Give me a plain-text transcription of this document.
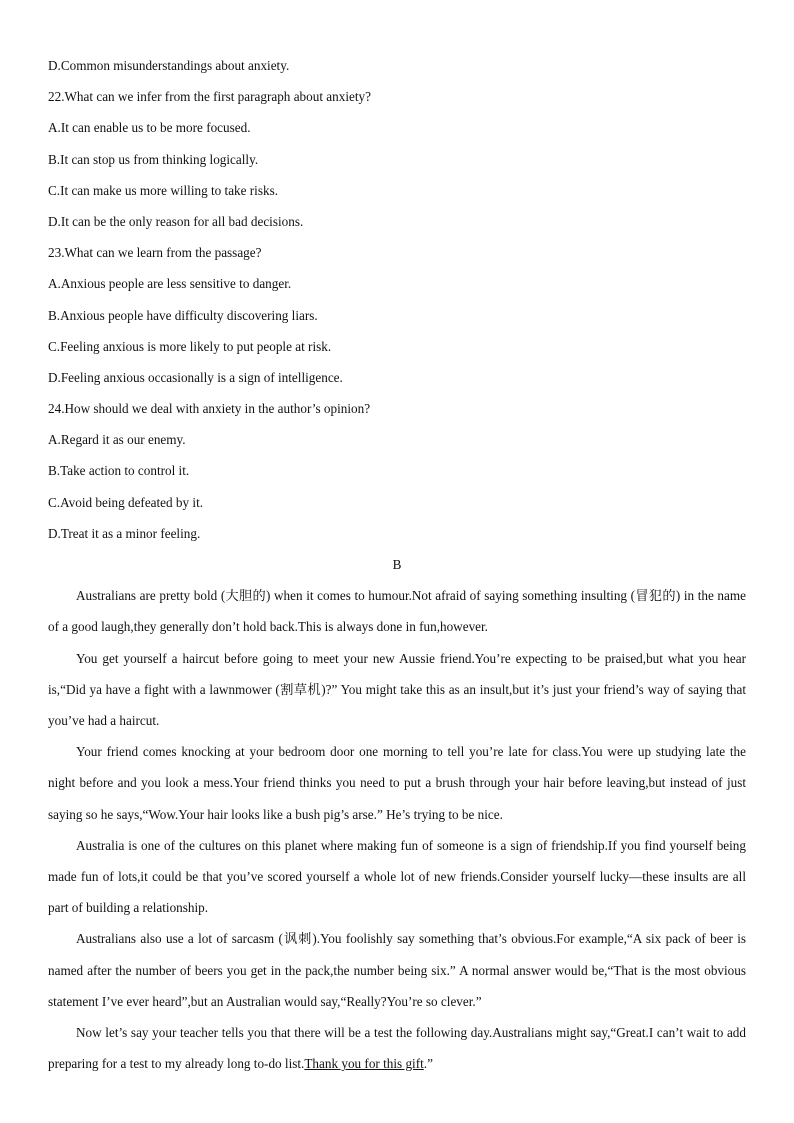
D.Common misunderstandings about anxiety.
22.What can we infer from the first paragraph about anxiety?
A.It can enable us to be more focused.
B.It can stop us from thinking logically.
C.It can make us more willing to take risks.
D.It can be the only reason for all bad decisions.
23.What can we learn from the passage?
A.Anxious people are less sensitive to danger.
B.Anxious people have difficulty discovering liars.
C.Feeling anxious is more likely to put people at risk.
D.Feeling anxious occasionally is a sign of intelligence.
24.How should we deal with anxiety in the author’s opinion?
A.Regard it as our enemy.
B.Take action to control it.
C.Avoid being defeated by it.
D.Treat it as a minor feeling.
B

Australians are pretty bold (大胆的) when it comes to humour.Not afraid of saying something insulting (冒犯的) in the name of a good laugh,they generally don’t hold back.This is always done in fun,however.

You get yourself a haircut before going to meet your new Aussie friend.You’re expecting to be praised,but what you hear is,“Did ya have a fight with a lawnmower (割草机)?” You might take this as an insult,but it’s just your friend’s way of saying that you’ve had a haircut.

Your friend comes knocking at your bedroom door one morning to tell you’re late for class.You were up studying late the night before and you look a mess.Your friend thinks you need to put a brush through your hair before leaving,but instead of just saying so he says,“Wow.Your hair looks like a bush pig’s arse.” He’s trying to be nice.

Australia is one of the cultures on this planet where making fun of someone is a sign of friendship.If you find yourself being made fun of lots,it could be that you’ve scored yourself a whole lot of new friends.Consider yourself lucky—these insults are all part of building a relationship.

Australians also use a lot of sarcasm (讽刺).You foolishly say something that’s obvious.For example,“A six pack of beer is named after the number of beers you get in the pack,the number being six.” A normal answer would be,“That is the most obvious statement I’ve ever heard”,but an Australian would say,“Really?You’re so clever.”

Now let’s say your teacher tells you that there will be a test the following day.Australians might say,“Great.I can’t wait to add preparing for a test to my already long to-do list.Thank you for this gift.”
